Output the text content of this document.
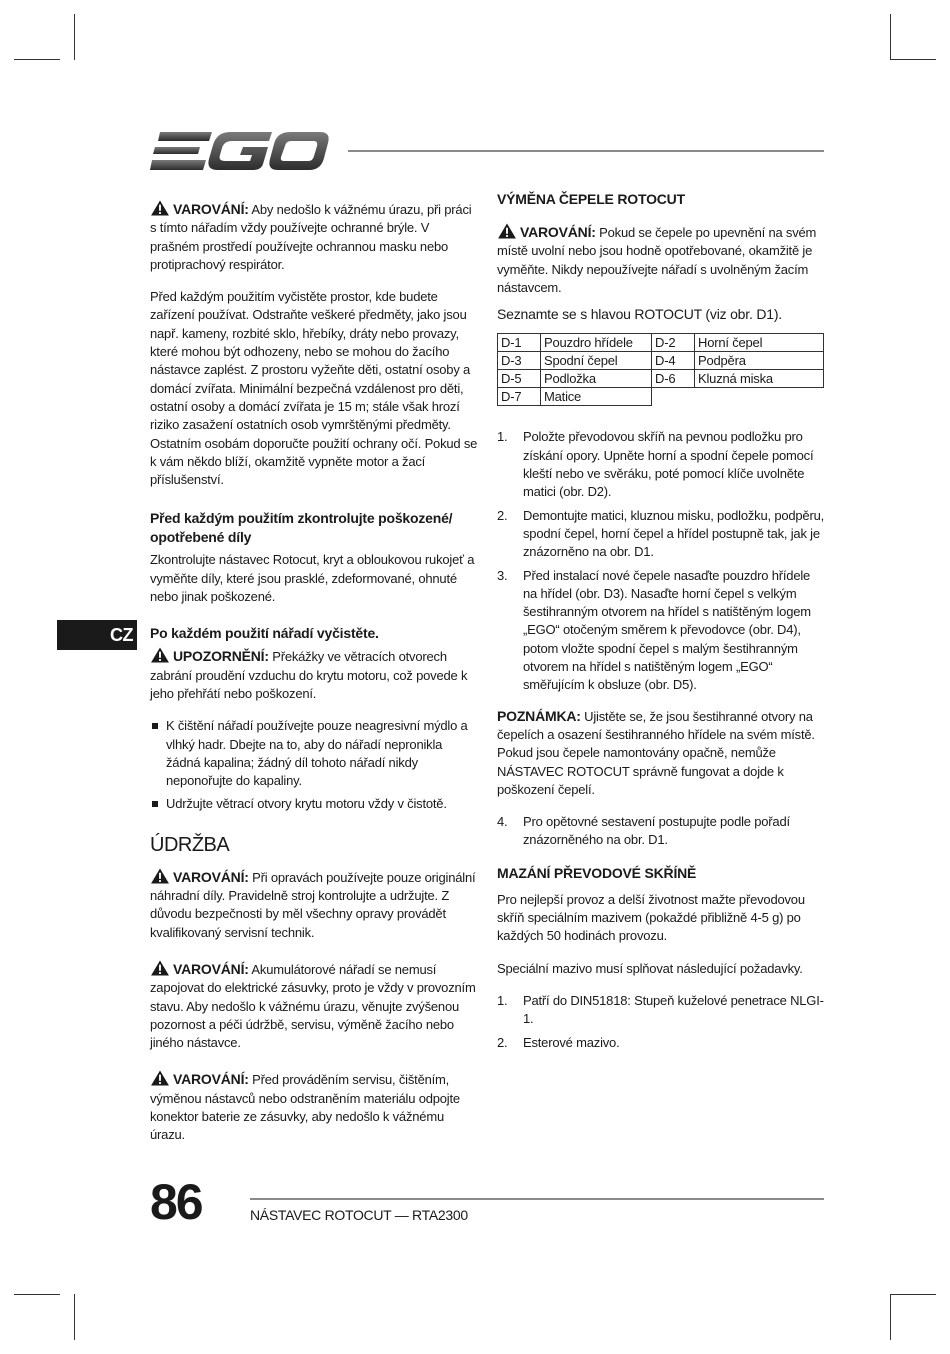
VAROVÁNÍ: Aby nedošlo k vážnému úrazu, při práci s tímto nářadím vždy používejte ochranné brýle. V prašném prostředí používejte ochrannou masku nebo protiprachový respirátor.

Před každým použitím vyčistěte prostor, kde budete zařízení používat. Odstraňte veškeré předměty, jako jsou např. kameny, rozbité sklo, hřebíky, dráty nebo provazy, které mohou být odhozeny, nebo se mohou do žacího nástavce zaplést. Z prostoru vyžeňte děti, ostatní osoby a domácí zvířata. Minimální bezpečná vzdálenost pro děti, ostatní osoby a domácí zvířata je 15 m; stále však hrozí riziko zasažení ostatních osob vymrštěnými předměty. Ostatním osobám doporučte použití ochrany očí. Pokud se k vám někdo blíží, okamžitě vypněte motor a žací příslušenství.

Před každým použitím zkontrolujte poškozené/ opotřebené díly

Zkontrolujte nástavec Rotocut, kryt a obloukovou rukojeť a vyměňte díly, které jsou prasklé, zdeformované, ohnuté nebo jinak poškozené.

Po každém použití nářadí vyčistěte.

UPOZORNĚNÍ: Překážky ve větracích otvorech zabrání proudění vzduchu do krytu motoru, což povede k jeho přehřátí nebo poškození.

K čištění nářadí používejte pouze neagresivní mýdlo a vlhký hadr. Dbejte na to, aby do nářadí nepronikla žádná kapalina; žádný díl tohoto nářadí nikdy neponořujte do kapaliny.
Udržujte větrací otvory krytu motoru vždy v čistotě.
ÚDRŽBA

VAROVÁNÍ: Při opravách používejte pouze originální náhradní díly. Pravidelně stroj kontrolujte a udržujte. Z důvodu bezpečnosti by měl všechny opravy provádět kvalifikovaný servisní technik.

VAROVÁNÍ: Akumulátorové nářadí se nemusí zapojovat do elektrické zásuvky, proto je vždy v provozním stavu. Aby nedošlo k vážnému úrazu, věnujte zvýšenou pozornost a péči údržbě, servisu, výměně žacího nebo jiného nástavce.

VAROVÁNÍ: Před prováděním servisu, čištěním, výměnou nástavců nebo odstraněním materiálu odpojte konektor baterie ze zásuvky, aby nedošlo k vážnému úrazu.

VÝMĚNA ČEPELE ROTOCUT

VAROVÁNÍ: Pokud se čepele po upevnění na svém místě uvolní nebo jsou hodně opotřebované, okamžitě je vyměňte. Nikdy nepoužívejte nářadí s uvolněným žacím nástavcem.

Seznamte se s hlavou ROTOCUT (viz obr. D1).

D-1	Pouzdro hřídele	D-2	Horní čepel
D-3	Spodní čepel	D-4	Podpěra
D-5	Podložka	D-6	Kluzná miska
D-7	Matice		
1. Položte převodovou skříň na pevnou podložku pro získání opory. Upněte horní a spodní čepele pomocí kleští nebo ve svěráku, poté pomocí klíče uvolněte matici (obr. D2).
2. Demontujte matici, kluznou misku, podložku, podpěru, spodní čepel, horní čepel a hřídel postupně tak, jak je znázorněno na obr. D1.
3. Před instalací nové čepele nasaďte pouzdro hřídele na hřídel (obr. D3). Nasaďte horní čepel s velkým šestihranným otvorem na hřídel s natištěným logem „EGO“ otočeným směrem k převodovce (obr. D4), potom vložte spodní čepel s malým šestihranným otvorem na hřídel s natištěným logem „EGO“ směřujícím k obsluze (obr. D5).

POZNÁMKA: Ujistěte se, že jsou šestihranné otvory na čepelích a osazení šestihranného hřídele na svém místě. Pokud jsou čepele namontovány opačně, nemůže NÁSTAVEC ROTOCUT správně fungovat a dojde k poškození čepelí.

4. Pro opětovné sestavení postupujte podle pořadí znázorněného na obr. D1.
MAZÁNÍ PŘEVODOVÉ SKŘÍNĚ

Pro nejlepší provoz a delší životnost mažte převodovou skříň speciálním mazivem (pokaždé přibližně 4-5 g) po každých 50 hodinách provozu.

Speciální mazivo musí splňovat následující požadavky.

1. Patří do DIN51818: Stupeň kuželové penetrace NLGI-1.
2. Esterové mazivo.
CZ
86	NÁSTAVEC ROTOCUT — RTA2300
